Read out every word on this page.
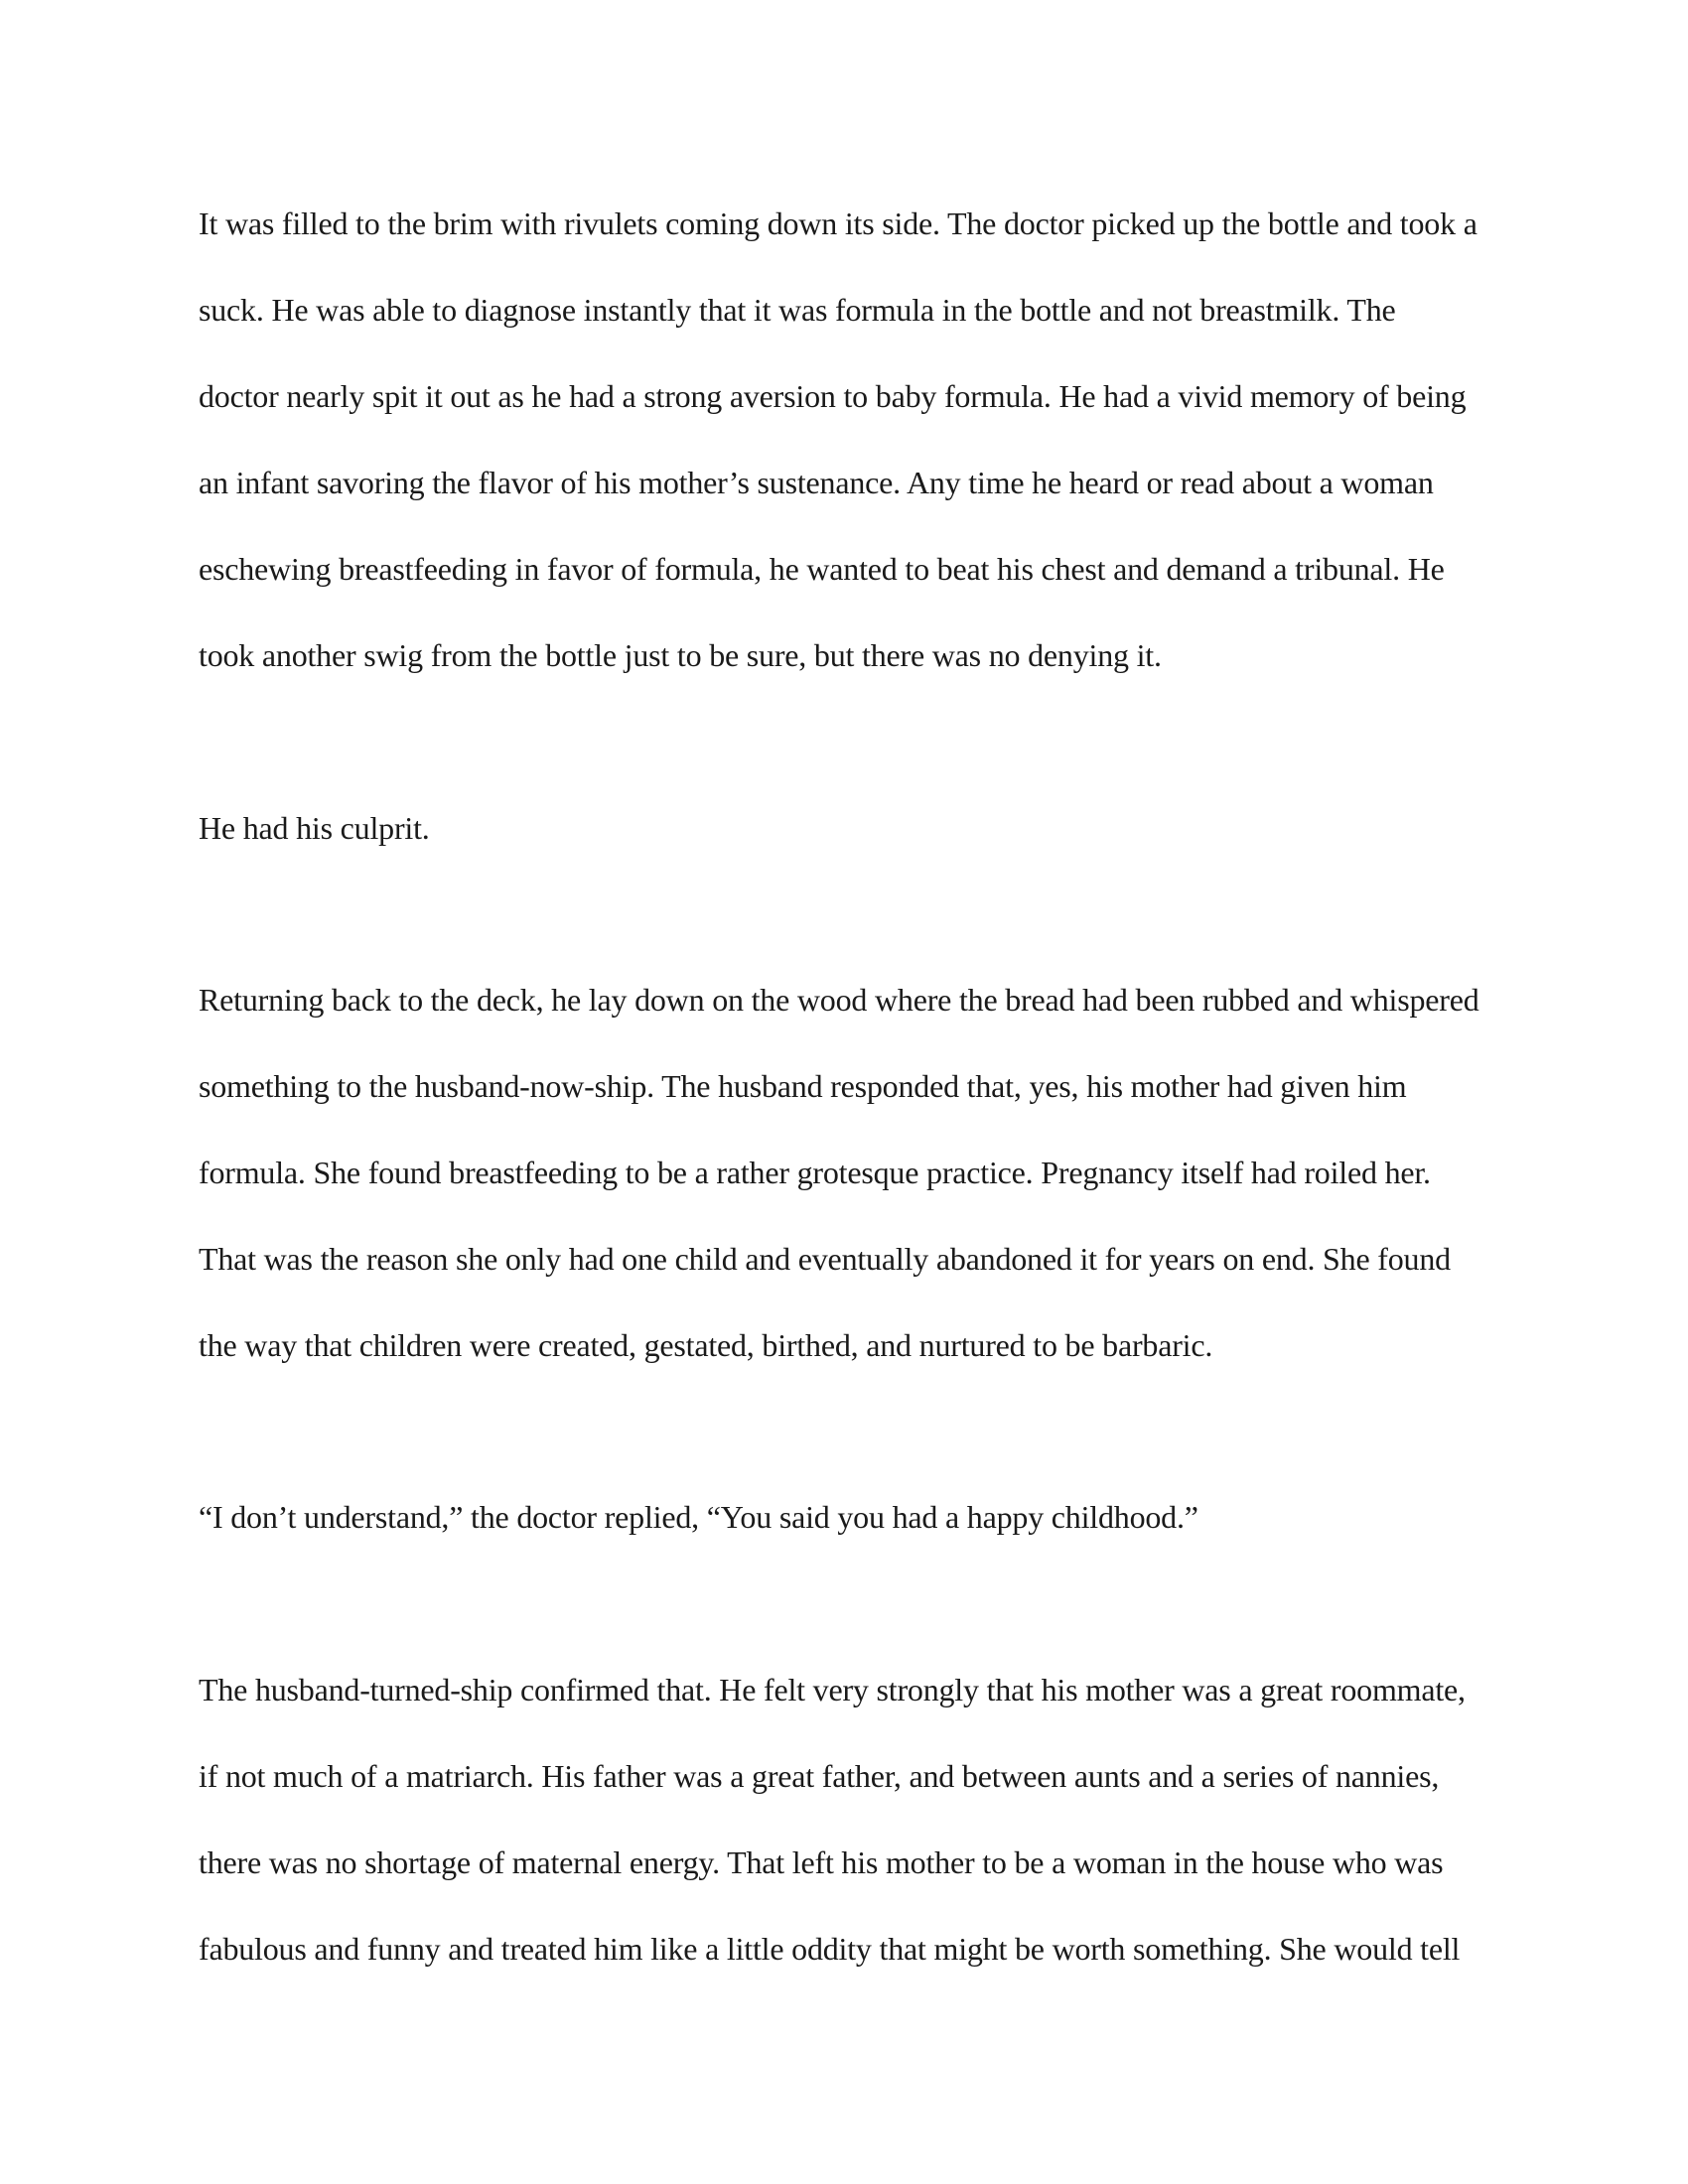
It was filled to the brim with rivulets coming down its side. The doctor picked up the bottle and took a
suck. He was able to diagnose instantly that it was formula in the bottle and not breastmilk. The
doctor nearly spit it out as he had a strong aversion to baby formula. He had a vivid memory of being
an infant savoring the flavor of his mother’s sustenance. Any time he heard or read about a woman
eschewing breastfeeding in favor of formula, he wanted to beat his chest and demand a tribunal. He
took another swig from the bottle just to be sure, but there was no denying it.
He had his culprit.
Returning back to the deck, he lay down on the wood where the bread had been rubbed and whispered
something to the husband-now-ship. The husband responded that, yes, his mother had given him
formula. She found breastfeeding to be a rather grotesque practice. Pregnancy itself had roiled her.
That was the reason she only had one child and eventually abandoned it for years on end. She found
the way that children were created, gestated, birthed, and nurtured to be barbaric.
“I don’t understand,” the doctor replied, “You said you had a happy childhood.”
The husband-turned-ship confirmed that. He felt very strongly that his mother was a great roommate,
if not much of a matriarch. His father was a great father, and between aunts and a series of nannies,
there was no shortage of maternal energy. That left his mother to be a woman in the house who was
fabulous and funny and treated him like a little oddity that might be worth something. She would tell
